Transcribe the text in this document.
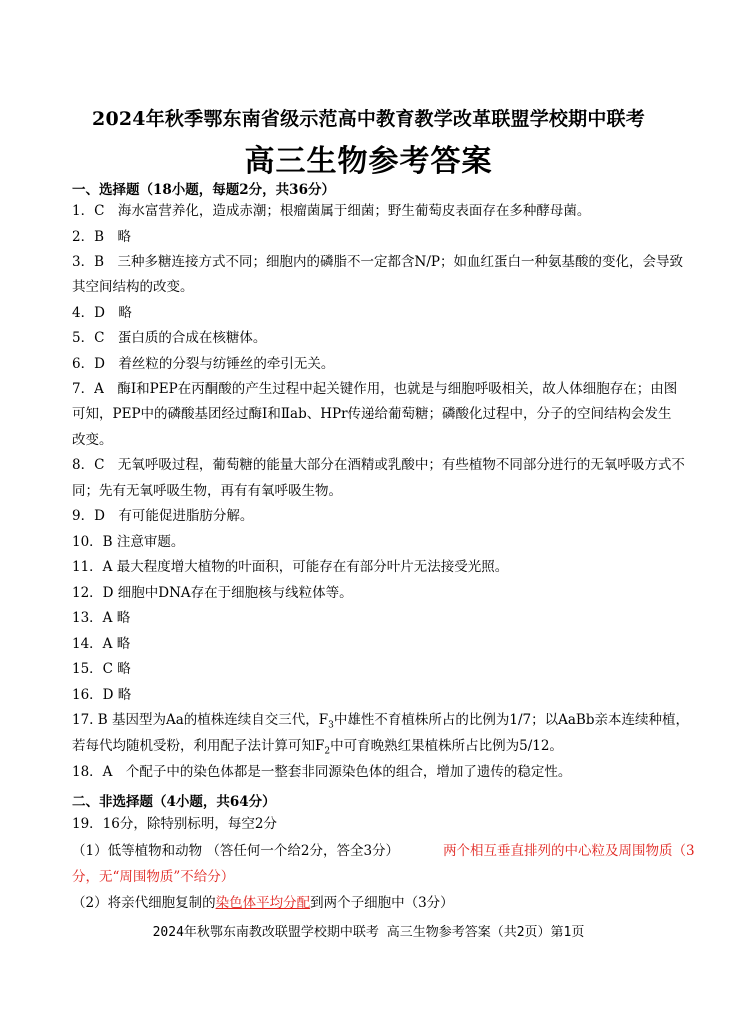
2024年秋季鄂东南省级示范高中教育教学改革联盟学校期中联考
高三生物参考答案
一、选择题（18小题，每题2分，共36分）
1．C　海水富营养化，造成赤潮；根瘤菌属于细菌；野生葡萄皮表面存在多种酵母菌。
2．B　略
3．B　三种多糖连接方式不同；细胞内的磷脂不一定都含N/P；如血红蛋白一种氨基酸的变化，会导致
其空间结构的改变。
4．D　略
5．C　蛋白质的合成在核糖体。
6．D　着丝粒的分裂与纺锤丝的牵引无关。
7．A　酶Ⅰ和PEP在丙酮酸的产生过程中起关键作用，也就是与细胞呼吸相关，故人体细胞存在；由图
可知，PEP中的磷酸基团经过酶Ⅰ和Ⅱab、HPr传递给葡萄糖；磷酸化过程中，分子的空间结构会发生
改变。
8．C　无氧呼吸过程，葡萄糖的能量大部分在酒精或乳酸中；有些植物不同部分进行的无氧呼吸方式不
同；先有无氧呼吸生物，再有有氧呼吸生物。
9．D　有可能促进脂肪分解。
10．B 注意审题。
11．A 最大程度增大植物的叶面积，可能存在有部分叶片无法接受光照。
12．D 细胞中DNA存在于细胞核与线粒体等。
13．A 略
14．A 略
15．C 略
16．D 略
17. B 基因型为Aa的植株连续自交三代，$F_3$中雄性不育植株所占的比例为1/7；以AaBb亲本连续种植，
若每代均随机受粉，利用配子法计算可知$F_2$中可育晚熟红果植株所占比例为5/12。
18．A　个配子中的染色体都是一整套非同源染色体的组合，增加了遗传的稳定性。
二、非选择题（4小题，共64分）
19．16分，除特别标明，每空2分
（1）低等植物和动物 （答任何一个给2分，答全3分）	两个相互垂直排列的中心粒及周围物质（3
分，无“周围物质”不给分）
（2）将亲代细胞复制的染色体平均分配到两个子细胞中（3分）
2024年秋鄂东南教改联盟学校期中联考 高三生物参考答案（共2页）第1页
